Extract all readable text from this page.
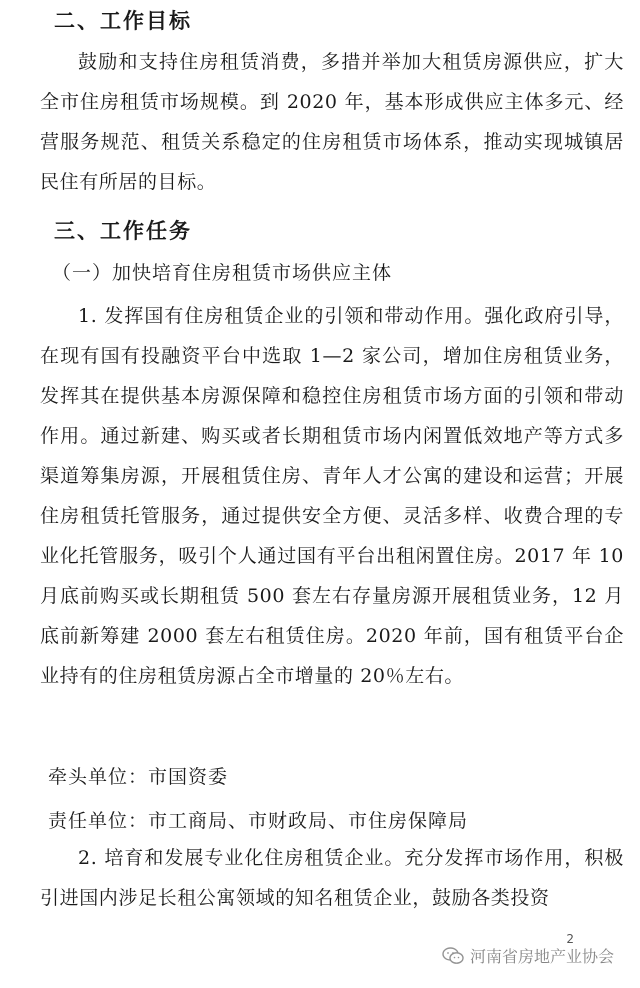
二、工作目标
鼓励和支持住房租赁消费，多措并举加大租赁房源供应，扩大全市住房租赁市场规模。到 2020 年，基本形成供应主体多元、经营服务规范、租赁关系稳定的住房租赁市场体系，推动实现城镇居民住有所居的目标。
三、工作任务
（一）加快培育住房租赁市场供应主体
1. 发挥国有住房租赁企业的引领和带动作用。强化政府引导，在现有国有投融资平台中选取 1—2 家公司，增加住房租赁业务，发挥其在提供基本房源保障和稳控住房租赁市场方面的引领和带动作用。通过新建、购买或者长期租赁市场内闲置低效地产等方式多渠道筹集房源，开展租赁住房、青年人才公寓的建设和运营；开展住房租赁托管服务，通过提供安全方便、灵活多样、收费合理的专业化托管服务，吸引个人通过国有平台出租闲置住房。2017 年 10 月底前购买或长期租赁 500 套左右存量房源开展租赁业务，12 月底前新筹建 2000 套左右租赁住房。2020 年前，国有租赁平台企业持有的住房租赁房源占全市增量的 20％左右。
牵头单位：市国资委
责任单位：市工商局、市财政局、市住房保障局
2. 培育和发展专业化住房租赁企业。充分发挥市场作用，积极引进国内涉足长租公寓领域的知名租赁企业，鼓励各类投资
2
河南省房地产业协会
